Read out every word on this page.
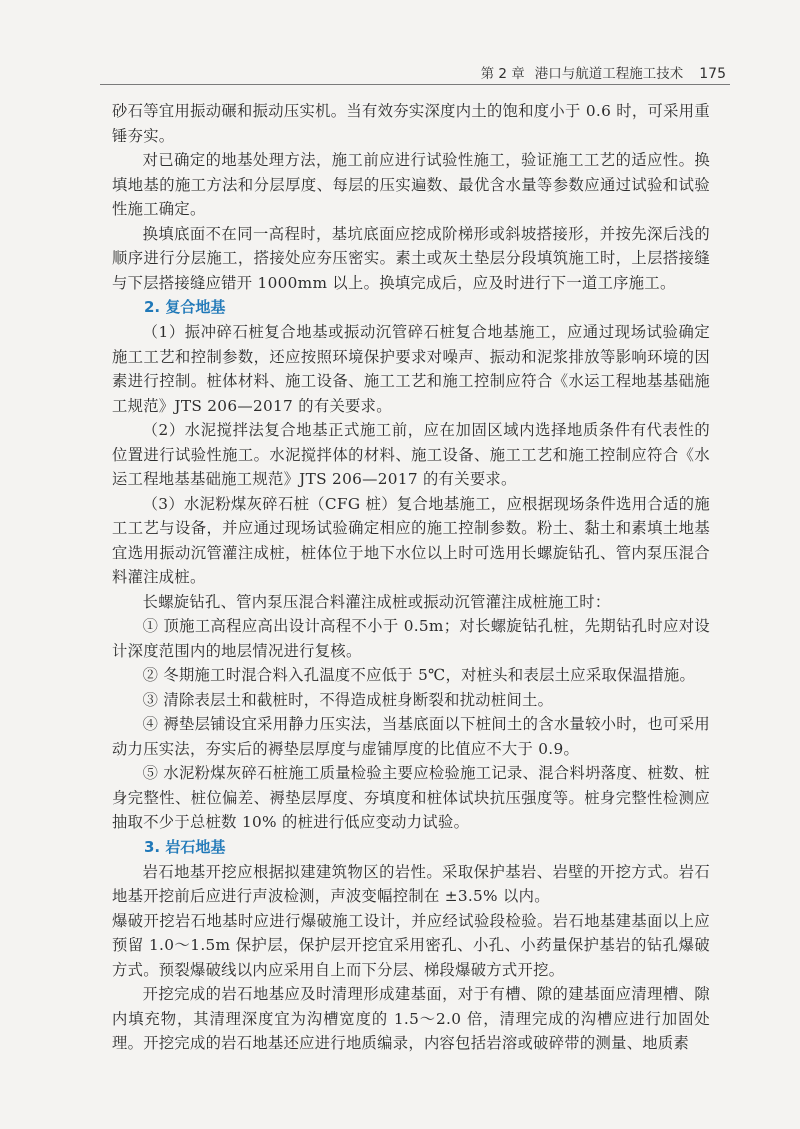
第 2 章 港口与航道工程施工技术 175

砂石等宜用振动碾和振动压实机。当有效夯实深度内土的饱和度小于 0.6 时，可采用重锤夯实。

对已确定的地基处理方法，施工前应进行试验性施工，验证施工工艺的适应性。换填地基的施工方法和分层厚度、每层的压实遍数、最优含水量等参数应通过试验和试验性施工确定。

换填底面不在同一高程时，基坑底面应挖成阶梯形或斜坡搭接形，并按先深后浅的顺序进行分层施工，搭接处应夯压密实。素土或灰土垫层分段填筑施工时，上层搭接缝与下层搭接缝应错开 1000mm 以上。换填完成后，应及时进行下一道工序施工。

2. 复合地基

（1）振冲碎石桩复合地基或振动沉管碎石桩复合地基施工，应通过现场试验确定施工工艺和控制参数，还应按照环境保护要求对噪声、振动和泥浆排放等影响环境的因素进行控制。桩体材料、施工设备、施工工艺和施工控制应符合《水运工程地基基础施工规范》JTS 206—2017 的有关要求。

（2）水泥搅拌法复合地基正式施工前，应在加固区域内选择地质条件有代表性的位置进行试验性施工。水泥搅拌体的材料、施工设备、施工工艺和施工控制应符合《水运工程地基基础施工规范》JTS 206—2017 的有关要求。

（3）水泥粉煤灰碎石桩（CFG 桩）复合地基施工，应根据现场条件选用合适的施工工艺与设备，并应通过现场试验确定相应的施工控制参数。粉土、黏土和素填土地基宜选用振动沉管灌注成桩，桩体位于地下水位以上时可选用长螺旋钻孔、管内泵压混合料灌注成桩。

长螺旋钻孔、管内泵压混合料灌注成桩或振动沉管灌注成桩施工时：

① 顶施工高程应高出设计高程不小于 0.5m；对长螺旋钻孔桩，先期钻孔时应对设计深度范围内的地层情况进行复核。

② 冬期施工时混合料入孔温度不应低于 5℃，对桩头和表层土应采取保温措施。

③ 清除表层土和截桩时，不得造成桩身断裂和扰动桩间土。

④ 褥垫层铺设宜采用静力压实法，当基底面以下桩间土的含水量较小时，也可采用动力压实法，夯实后的褥垫层厚度与虚铺厚度的比值应不大于 0.9。

⑤ 水泥粉煤灰碎石桩施工质量检验主要应检验施工记录、混合料坍落度、桩数、桩身完整性、桩位偏差、褥垫层厚度、夯填度和桩体试块抗压强度等。桩身完整性检测应抽取不少于总桩数 10% 的桩进行低应变动力试验。

3. 岩石地基

岩石地基开挖应根据拟建建筑物区的岩性。采取保护基岩、岩壁的开挖方式。岩石地基开挖前后应进行声波检测，声波变幅控制在 ±3.5% 以内。

爆破开挖岩石地基时应进行爆破施工设计，并应经试验段检验。岩石地基建基面以上应预留 1.0～1.5m 保护层，保护层开挖宜采用密孔、小孔、小药量保护基岩的钻孔爆破方式。预裂爆破线以内应采用自上而下分层、梯段爆破方式开挖。

开挖完成的岩石地基应及时清理形成建基面，对于有槽、隙的建基面应清理槽、隙内填充物，其清理深度宜为沟槽宽度的 1.5～2.0 倍，清理完成的沟槽应进行加固处理。开挖完成的岩石地基还应进行地质编录，内容包括岩溶或破碎带的测量、地质素
